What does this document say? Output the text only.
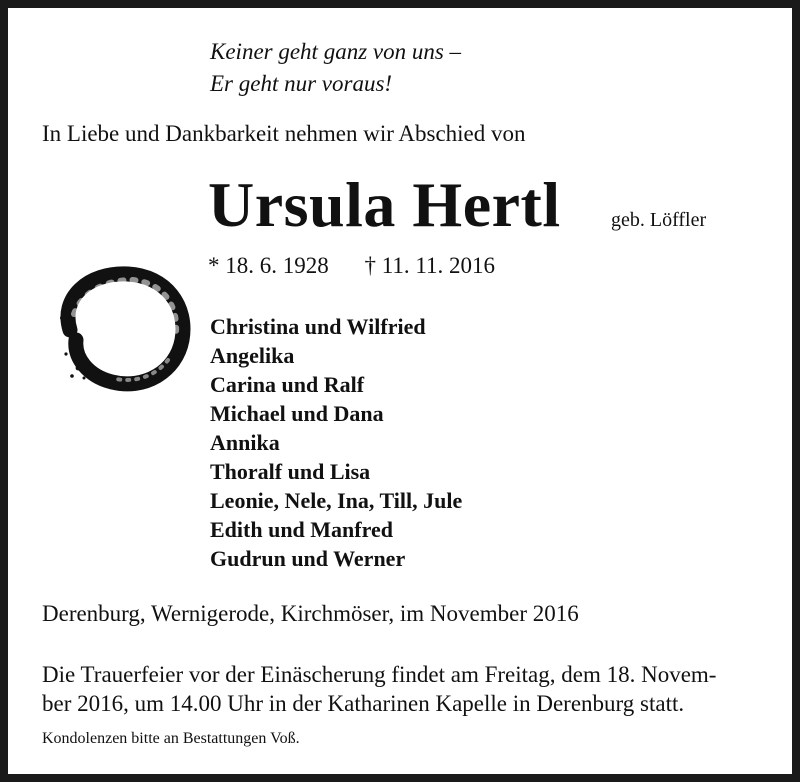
Keiner geht ganz von uns –
Er geht nur voraus!
In Liebe und Dankbarkeit nehmen wir Abschied von
Ursula Hertl	geb. Löffler
* 18. 6. 1928 † 11. 11. 2016
Christina und Wilfried
Angelika
Carina und Ralf
Michael und Dana
Annika
Thoralf und Lisa
Leonie, Nele, Ina, Till, Jule
Edith und Manfred
Gudrun und Werner
Derenburg, Wernigerode, Kirchmöser, im November 2016
Die Trauerfeier vor der Einäscherung findet am Freitag, dem 18. Novem-
ber 2016, um 14.00 Uhr in der Katharinen Kapelle in Derenburg statt.
Kondolenzen bitte an Bestattungen Voß.
